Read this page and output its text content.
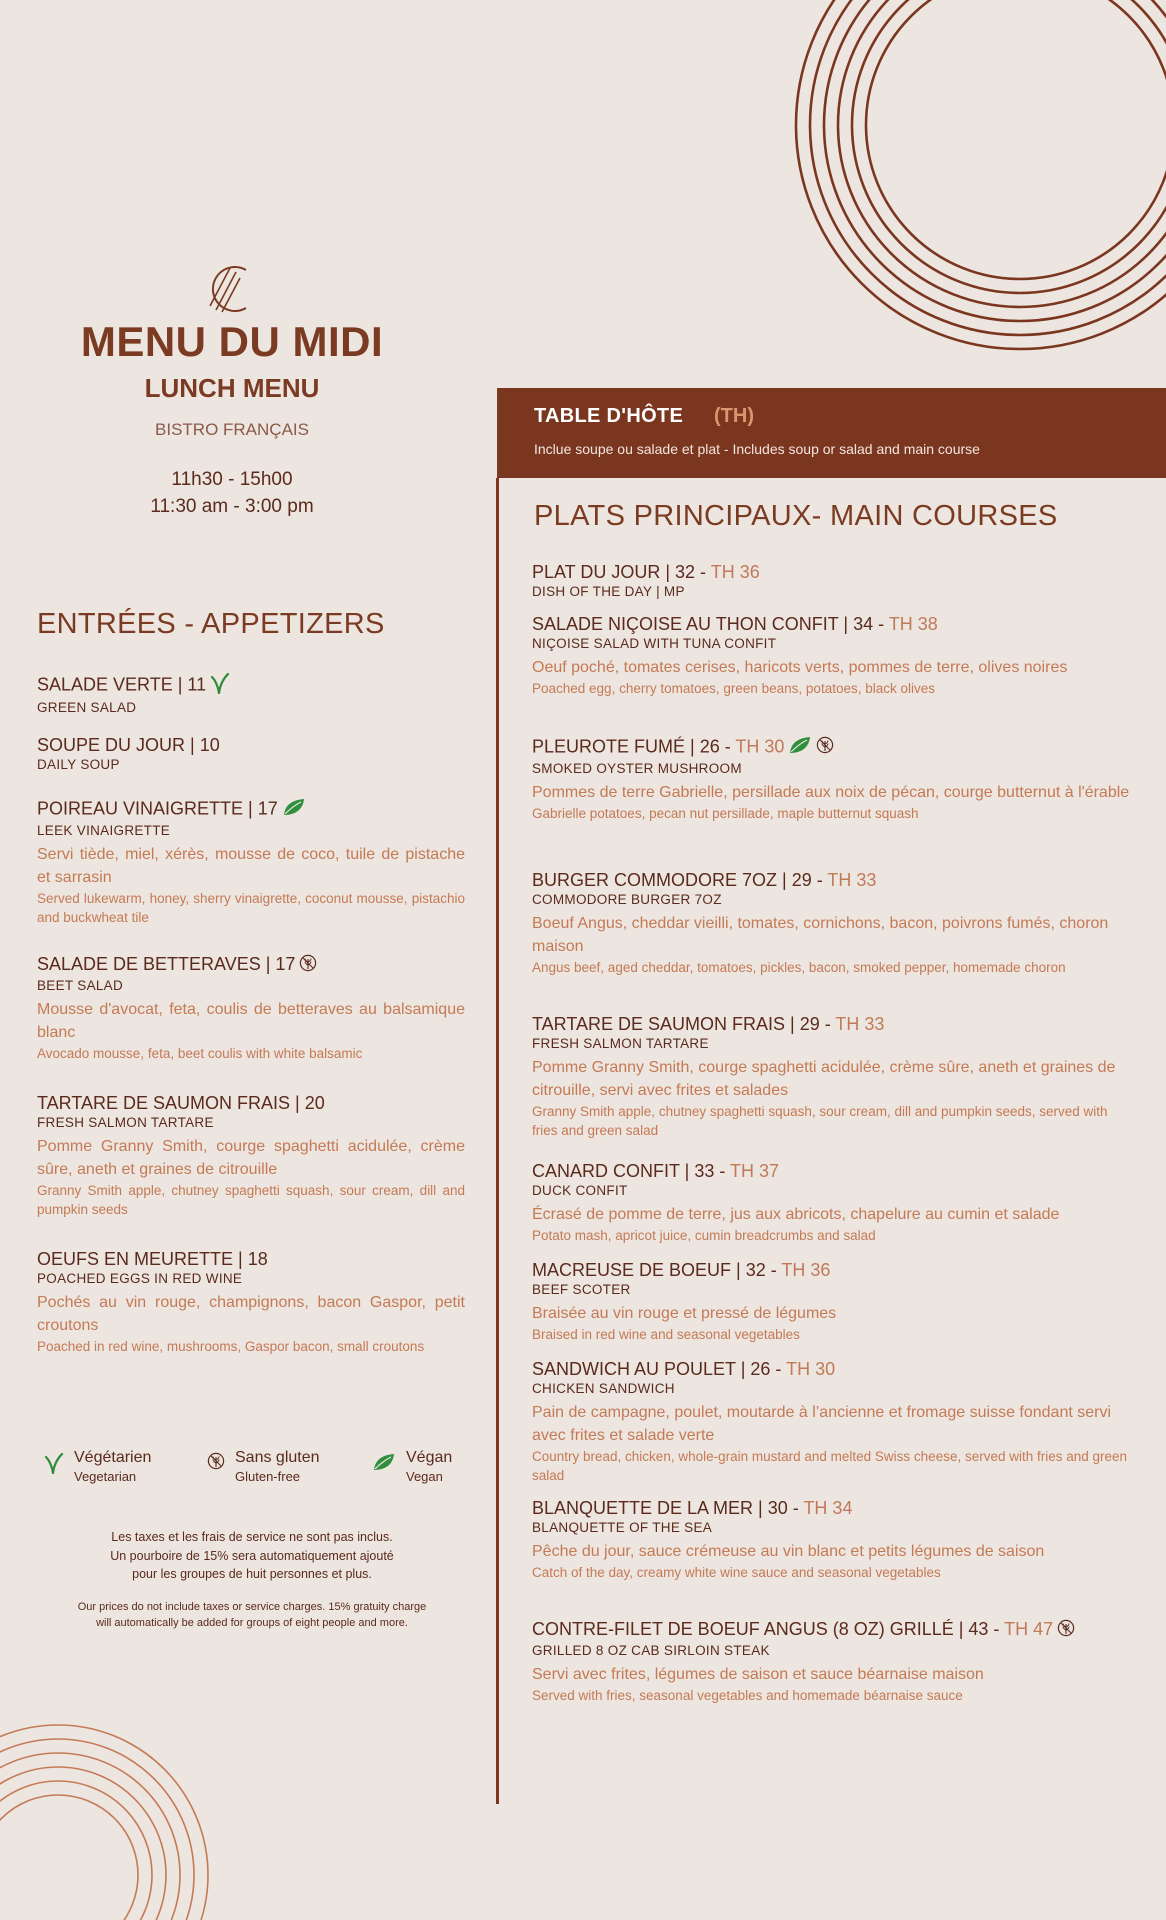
MENU DU MIDI
LUNCH MENU
BISTRO FRANÇAIS
11h30 - 15h00
11:30 am - 3:00 pm
ENTRÉES - APPETIZERS
SALADE VERTE | 11
GREEN SALAD
SOUPE DU JOUR | 10
DAILY SOUP
POIREAU VINAIGRETTE | 17
LEEK VINAIGRETTE
Servi tiède, miel, xérès, mousse de coco, tuile de pistache et sarrasin
Served lukewarm, honey, sherry vinaigrette, coconut mousse, pistachio and buckwheat tile
SALADE DE BETTERAVES | 17
BEET SALAD
Mousse d'avocat, feta, coulis de betteraves au balsamique blanc
Avocado mousse, feta, beet coulis with white balsamic
TARTARE DE SAUMON FRAIS | 20
FRESH SALMON TARTARE
Pomme Granny Smith, courge spaghetti acidulée, crème sûre, aneth et graines de citrouille
Granny Smith apple, chutney spaghetti squash, sour cream, dill and pumpkin seeds
OEUFS EN MEURETTE | 18
POACHED EGGS IN RED WINE
Pochés au vin rouge, champignons, bacon Gaspor, petit croutons
Poached in red wine, mushrooms, Gaspor bacon, small croutons
TABLE D'HÔTE (TH)
Inclue soupe ou salade et plat - Includes soup or salad and main course
PLATS PRINCIPAUX- MAIN COURSES
PLAT DU JOUR | 32 - TH 36
DISH OF THE DAY | MP
SALADE NIÇOISE AU THON CONFIT | 34 - TH 38
NIÇOISE SALAD WITH TUNA CONFIT
Oeuf poché, tomates cerises, haricots verts, pommes de terre, olives noires
Poached egg, cherry tomatoes, green beans, potatoes, black olives
PLEUROTE FUMÉ | 26 - TH 30
SMOKED OYSTER MUSHROOM
Pommes de terre Gabrielle, persillade aux noix de pécan, courge butternut à l'érable
Gabrielle potatoes, pecan nut persillade, maple butternut squash
BURGER COMMODORE 7OZ | 29 - TH 33
COMMODORE BURGER 7OZ
Boeuf Angus, cheddar vieilli, tomates, cornichons, bacon, poivrons fumés, choron maison
Angus beef, aged cheddar, tomatoes, pickles, bacon, smoked pepper, homemade choron
TARTARE DE SAUMON FRAIS | 29 - TH 33
FRESH SALMON TARTARE
Pomme Granny Smith, courge spaghetti acidulée, crème sûre, aneth et graines de citrouille, servi avec frites et salades
Granny Smith apple, chutney spaghetti squash, sour cream, dill and pumpkin seeds, served with fries and green salad
CANARD CONFIT | 33 - TH 37
DUCK CONFIT
Écrasé de pomme de terre, jus aux abricots, chapelure au cumin et salade
Potato mash, apricot juice, cumin breadcrumbs and salad
MACREUSE DE BOEUF | 32 - TH 36
BEEF SCOTER
Braisée au vin rouge et pressé de légumes
Braised in red wine and seasonal vegetables
SANDWICH AU POULET | 26 - TH 30
CHICKEN SANDWICH
Pain de campagne, poulet, moutarde à l’ancienne et fromage suisse fondant servi avec frites et salade verte
Country bread, chicken, whole-grain mustard and melted Swiss cheese, served with fries and green salad
BLANQUETTE DE LA MER | 30 - TH 34
BLANQUETTE OF THE SEA
Pêche du jour, sauce crémeuse au vin blanc et petits légumes de saison
Catch of the day, creamy white wine sauce and seasonal vegetables
CONTRE-FILET DE BOEUF ANGUS (8 OZ) GRILLÉ | 43 - TH 47
GRILLED 8 OZ CAB SIRLOIN STEAK
Servi avec frites, légumes de saison et sauce béarnaise maison
Served with fries, seasonal vegetables and homemade béarnaise sauce
Végétarien
Vegetarian
Sans gluten
Gluten-free
Végan
Vegan
Les taxes et les frais de service ne sont pas inclus.
Un pourboire de 15% sera automatiquement ajouté
pour les groupes de huit personnes et plus.
Our prices do not include taxes or service charges. 15% gratuity charge
will automatically be added for groups of eight people and more.
